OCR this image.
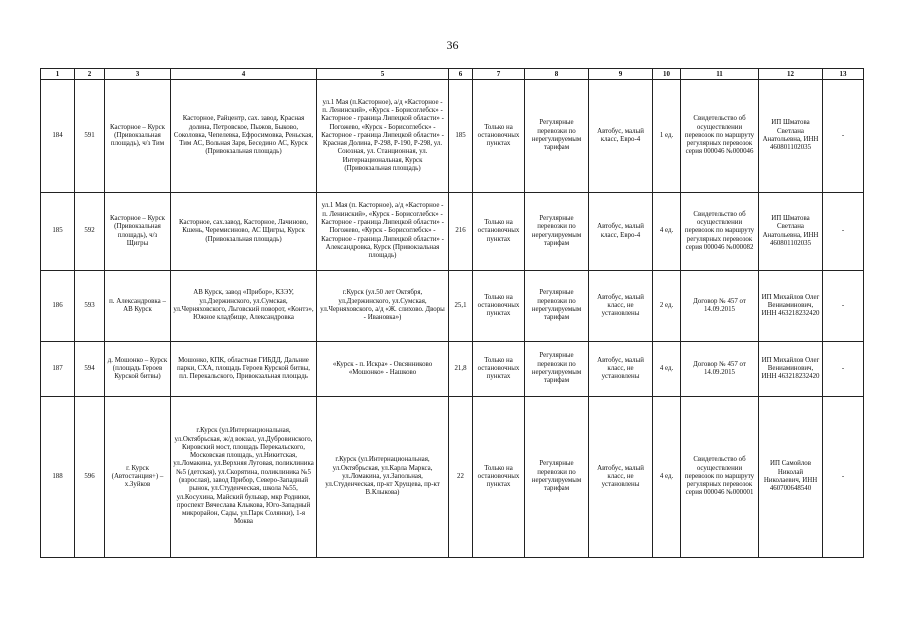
36
1	2	3	4	5	6	7	8	9	10	11	12	13
184	591	Касторное – Курск (Привокзальная площадь), ч/з Тим	Касторное, Райцентр, сах. завод, Красная долина, Петровское, Пыжов, Быково, Соколовка, Чепелевка, Ефросимовка, Реньская, Тим АС, Вольная Заря, Беседино АС, Курск (Привокзальная площадь)	ул.1 Мая (п.Касторное), а/д «Касторное - п. Ленинский», «Курск - Борисоглебск» - Касторное - граница Липецкой области» - Погожево, «Курск - Борисоглебск» - Касторное - граница Липецкой области» - Красная Долина, Р-298, Р-190, Р-298, ул. Союзная, ул. Станционная, ул. Интернациональная, Курск (Привокзальная площадь)	185	Только на остановочных пунктах	Регулярные перевозки по нерегулируемым тарифам	Автобус, малый класс, Евро-4	1 ед.	Свидетельство об осуществлении перевозок по маршруту регулярных перевозок серия 000046 №000046	ИП Шматова Светлана Анатольевна, ИНН 460801102035	-
185	592	Касторное – Курск (Привокзальная площадь), ч/з Щигры	Касторное, сах.завод, Касторное, Лачиново, Кшень, Черемисиново, АС Щигры, Курск (Привокзальная площадь)	ул.1 Мая (п. Касторное), а/д «Касторное - п. Ленинский», «Курск - Борисоглебск» - Касторное - граница Липецкой области» - Погожево, «Курск - Борисоглебск» - Касторное - граница Липецкой области» - Александровка, Курск (Привокзальная площадь)	216	Только на остановочных пунктах	Регулярные перевозки по нерегулируемым тарифам	Автобус, малый класс, Евро-4	4 ед.	Свидетельство об осуществлении перевозок по маршруту регулярных перевозок серия 000046 №000082	ИП Шматова Светлана Анатольевна, ИНН 460801102035	-
186	593	п. Александровка – АВ Курск	АВ Курск, завод «Прибор», КЗЭУ, ул.Дзержинского, ул.Сумская, ул.Черняховского, Льговский поворот, «Контэ», Южное кладбище, Александровка	г.Курск (ул.50 лет Октября, ул.Дзержинского, ул.Сумская, ул.Черняховского, а/д «Ж. слихово. Дворы - Ивановка»)	25,1	Только на остановочных пунктах	Регулярные перевозки по нерегулируемым тарифам	Автобус, малый класс, не установлены	2 ед.	Договор № 457 от 14.09.2015	ИП Михайлов Олег Вениаминович, ИНН 463218232420	-
187	594	д. Мошонко – Курск (площадь Героев Курской битвы)	Мошонко, КПК, областная ГИБДД, Дальние парки, СХА, площадь Героев Курской битвы, пл. Перекальского, Привокзальная площадь	«Курск - п. Искра» - Овсянниково «Мошонко» - Нашково	21,8	Только на остановочных пунктах	Регулярные перевозки по нерегулируемым тарифам	Автобус, малый класс, не установлены	4 ед.	Договор № 457 от 14.09.2015	ИП Михайлов Олег Вениаминович, ИНН 463218232420	-
188	596	г. Курск (Автостанция+) – х.Зуйков	г.Курск (ул.Интернациональная, ул.Октябрьская, ж/д вокзал, ул.Дубровинского, Кировский мост, площадь Перекальского, Московская площадь, ул.Никитская, ул.Ломакина, ул.Верхняя Луговая, поликлиника №5 (детская), ул.Скорятина, поликлиника №5 (взрослая), завод Прибор, Северо-Западный рынок, ул.Студенческая, школа №55, ул.Косухина, Майский бульвар, мкр Родники, проспект Вячеслава Клыкова, Юго-Западный микрорайон, Сады, ул.Парк Солянки), 1-я Моква	г.Курск (ул.Интернациональная, ул.Октябрьская, ул.Карла Маркса, ул.Ломакина, ул.Запольная, ул.Студенческая, пр-кт Хрущева, пр-кт В.Клыкова)	22	Только на остановочных пунктах	Регулярные перевозки по нерегулируемым тарифам	Автобус, малый класс, не установлены	4 ед.	Свидетельство об осуществлении перевозок по маршруту регулярных перевозок серия 000046 №000001	ИП Самойлов Николай Николаевич, ИНН 460700648540	-
